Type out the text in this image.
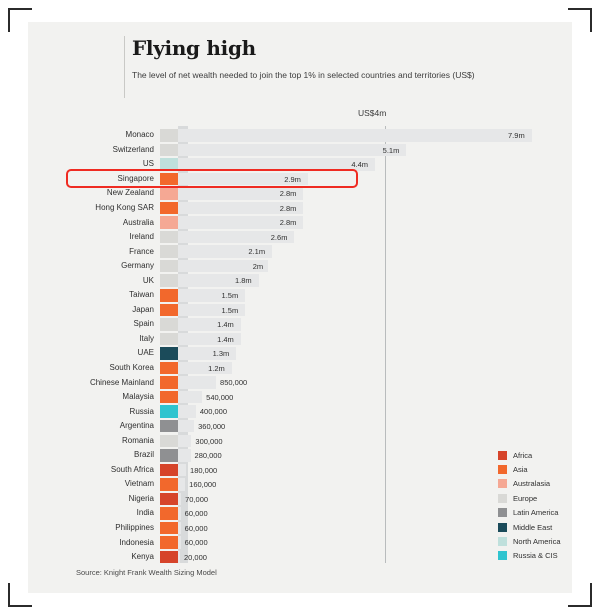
Flying high
The level of net wealth needed to join the top 1% in selected countries and territories (US$)
US$4m
Monaco	7.9m
Switzerland	5.1m
US	4.4m
Singapore	2.9m
New Zealand	2.8m
Hong Kong SAR	2.8m
Australia	2.8m
Ireland	2.6m
France	2.1m
Germany	2m
UK	1.8m
Taiwan	1.5m
Japan	1.5m
Spain	1.4m
Italy	1.4m
UAE	1.3m
South Korea	1.2m
Chinese Mainland	850,000
Malaysia	540,000
Russia	400,000
Argentina	360,000
Romania	300,000
Brazil	280,000
South Africa	180,000
Vietnam	160,000
Nigeria	70,000
India	60,000
Philippines	60,000
Indonesia	60,000
Kenya	20,000
Africa
Asia
Australasia
Europe
Latin America
Middle East
North America
Russia & CIS
Source: Knight Frank Wealth Sizing Model
